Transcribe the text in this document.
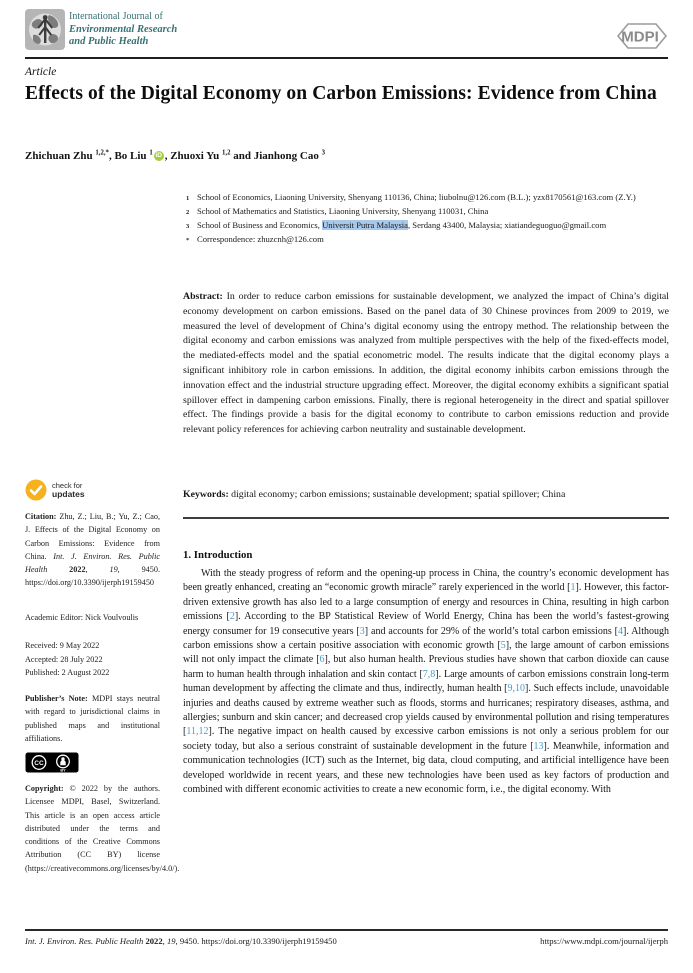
International Journal of
Environmental Research
and Public Health	MDPI
Article
Effects of the Digital Economy on Carbon Emissions: Evidence from China
Zhichuan Zhu $^{1,2,*}$, Bo Liu $^1$ iD , Zhuoxi Yu $^{1,2}$ and Jianhong Cao $^3$
1 School of Economics, Liaoning University, Shenyang 110136, China; liubolnu@126.com (B.L.); yzx8170561@163.com (Z.Y.)
2 School of Mathematics and Statistics, Liaoning University, Shenyang 110031, China
3 School of Business and Economics, Universit Putra Malaysia, Serdang 43400, Malaysia; xiatiandeguoguo@gmail.com
* Correspondence: zhuzcnh@126.com

Abstract: In order to reduce carbon emissions for sustainable development, we analyzed the impact of China’s digital economy development on carbon emissions. Based on the panel data of 30 Chinese provinces from 2009 to 2019, we measured the level of development of China’s digital economy using the entropy method. The relationship between the digital economy and carbon emissions was analyzed from multiple perspectives with the help of the fixed-effects model, the mediated-effects model and the spatial econometric model. The results indicate that the digital economy plays a significant inhibitory role in carbon emissions. In addition, the digital economy inhibits carbon emissions through the innovation effect and the industrial structure upgrading effect. Moreover, the digital economy exhibits a significant spatial spillover effect in dampening carbon emissions. Finally, there is regional heterogeneity in the direct and spatial spillover effect. The findings provide a basis for the digital economy to contribute to carbon emissions reduction and provide relevant policy references for achieving carbon neutrality and sustainable development.

Keywords: digital economy; carbon emissions; sustainable development; spatial spillover; China

1. Introduction

With the steady progress of reform and the opening-up process in China, the country’s economic development has been greatly enhanced, creating an “economic growth miracle” rarely experienced in the world [1]. However, this factor-driven extensive growth has also led to a large consumption of energy and resources in China, resulting in high carbon emissions [2]. According to the BP Statistical Review of World Energy, China has been the world’s fastest-growing energy consumer for 19 consecutive years [3] and accounts for 29% of the world’s total carbon emissions [4]. Although carbon emissions show a certain positive association with economic growth [5], the large amount of carbon emissions will not only impact the climate [6], but also human health. Previous studies have shown that carbon dioxide can cause harm to human health through inhalation and skin contact [7,8]. Large amounts of carbon emissions constrain long-term human development by affecting the climate and thus, indirectly, human health [9,10]. Such effects include, unavoidable injuries and deaths caused by extreme weather such as floods, storms and hurricanes; respiratory diseases, asthma, and allergies; sunburn and skin cancer; and decreased crop yields caused by environmental pollution and rising temperatures [11,12]. The negative impact on health caused by excessive carbon emissions is not only a serious problem for our society today, but also a serious constraint of sustainable development in the future [13]. Meanwhile, information and communication technologies (ICT) such as the Internet, big data, cloud computing, and artificial intelligence have been developed worldwide in recent years, and these new technologies have been used as key factors of production and combined with different economic activities to create a new economic form, i.e., the digital economy. With

check for
updates

Citation: Zhu, Z.; Liu, B.; Yu, Z.; Cao, J. Effects of the Digital Economy on Carbon Emissions: Evidence from China. Int. J. Environ. Res. Public Health 2022, 19, 9450. https://doi.org/10.3390/ijerph19159450

Academic Editor: Nick Voulvoulis
Received: 9 May 2022
Accepted: 28 July 2022
Published: 2 August 2022

Publisher’s Note: MDPI stays neutral with regard to jurisdictional claims in published maps and institutional affiliations.

CC
BY

Copyright: © 2022 by the authors. Licensee MDPI, Basel, Switzerland. This article is an open access article distributed under the terms and conditions of the Creative Commons Attribution (CC BY) license (https://creativecommons.org/licenses/by/4.0/).

Int. J. Environ. Res. Public Health 2022, 19, 9450. https://doi.org/10.3390/ijerph19159450	https://www.mdpi.com/journal/ijerph
